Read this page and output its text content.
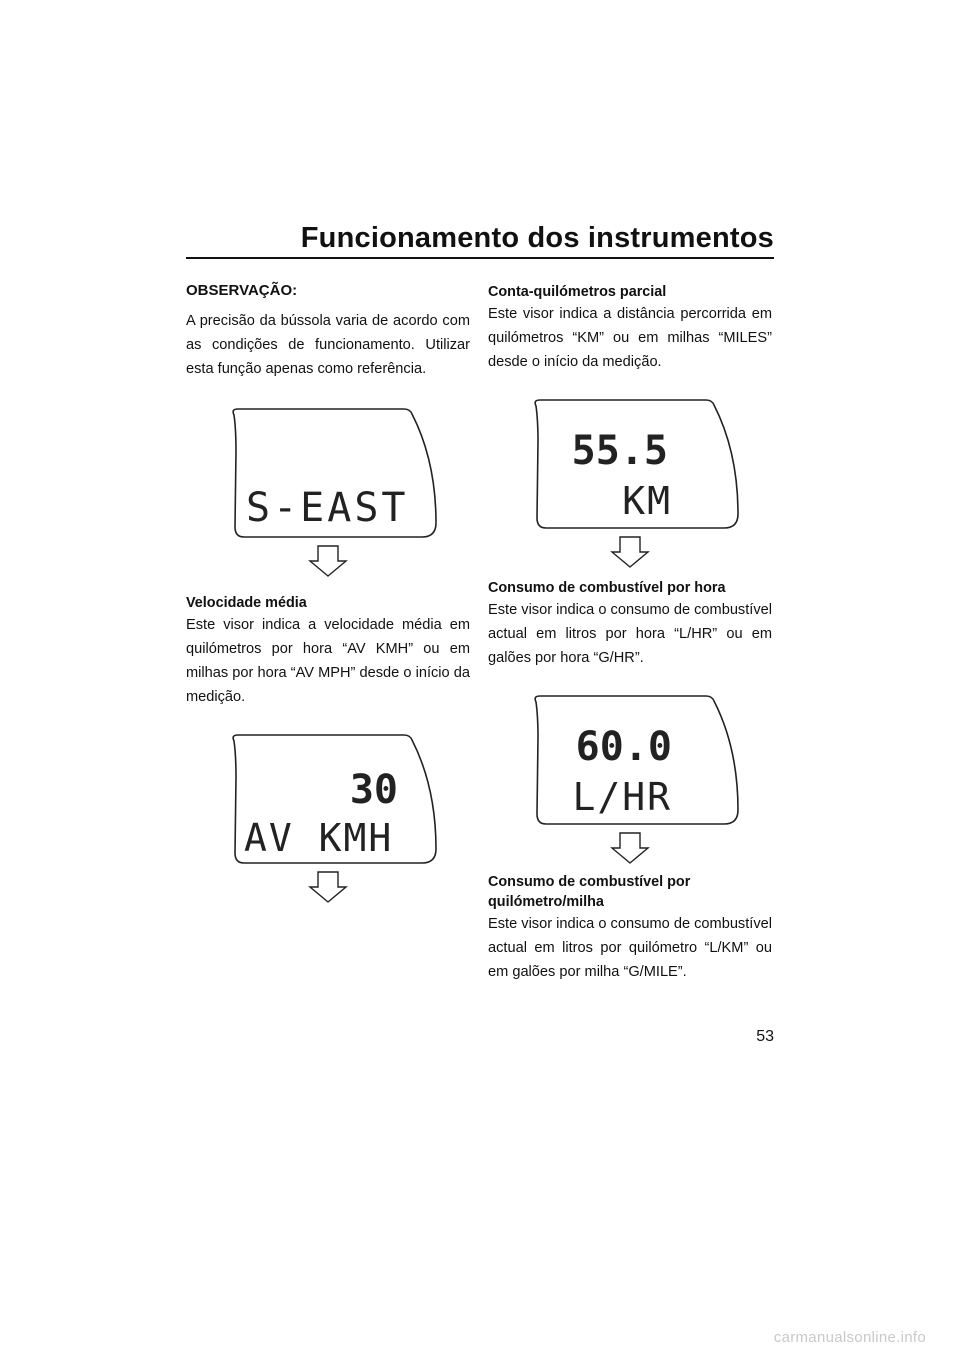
Funcionamento dos instrumentos

OBSERVAÇÃO:

A precisão da bússola varia de acordo com as condições de funcionamento. Utilizar esta função apenas como referência.

S-EAST

Velocidade média

Este visor indica a velocidade média em quilómetros por hora “AV KMH” ou em milhas por hora “AV MPH” desde o início da medição.

30
AV KMH

Conta-quilómetros parcial

Este visor indica a distância percorrida em quilómetros “KM” ou em milhas “MILES” desde o início da medição.

55.5
KM

Consumo de combustível por hora

Este visor indica o consumo de combustível actual em litros por hora “L/HR” ou em galões por hora “G/HR”.

60.0
L/HR

Consumo de combustível por quilómetro/milha

Este visor indica o consumo de combustível actual em litros por quilómetro “L/KM” ou em galões por milha “G/MILE”.

53
carmanualsonline.info
